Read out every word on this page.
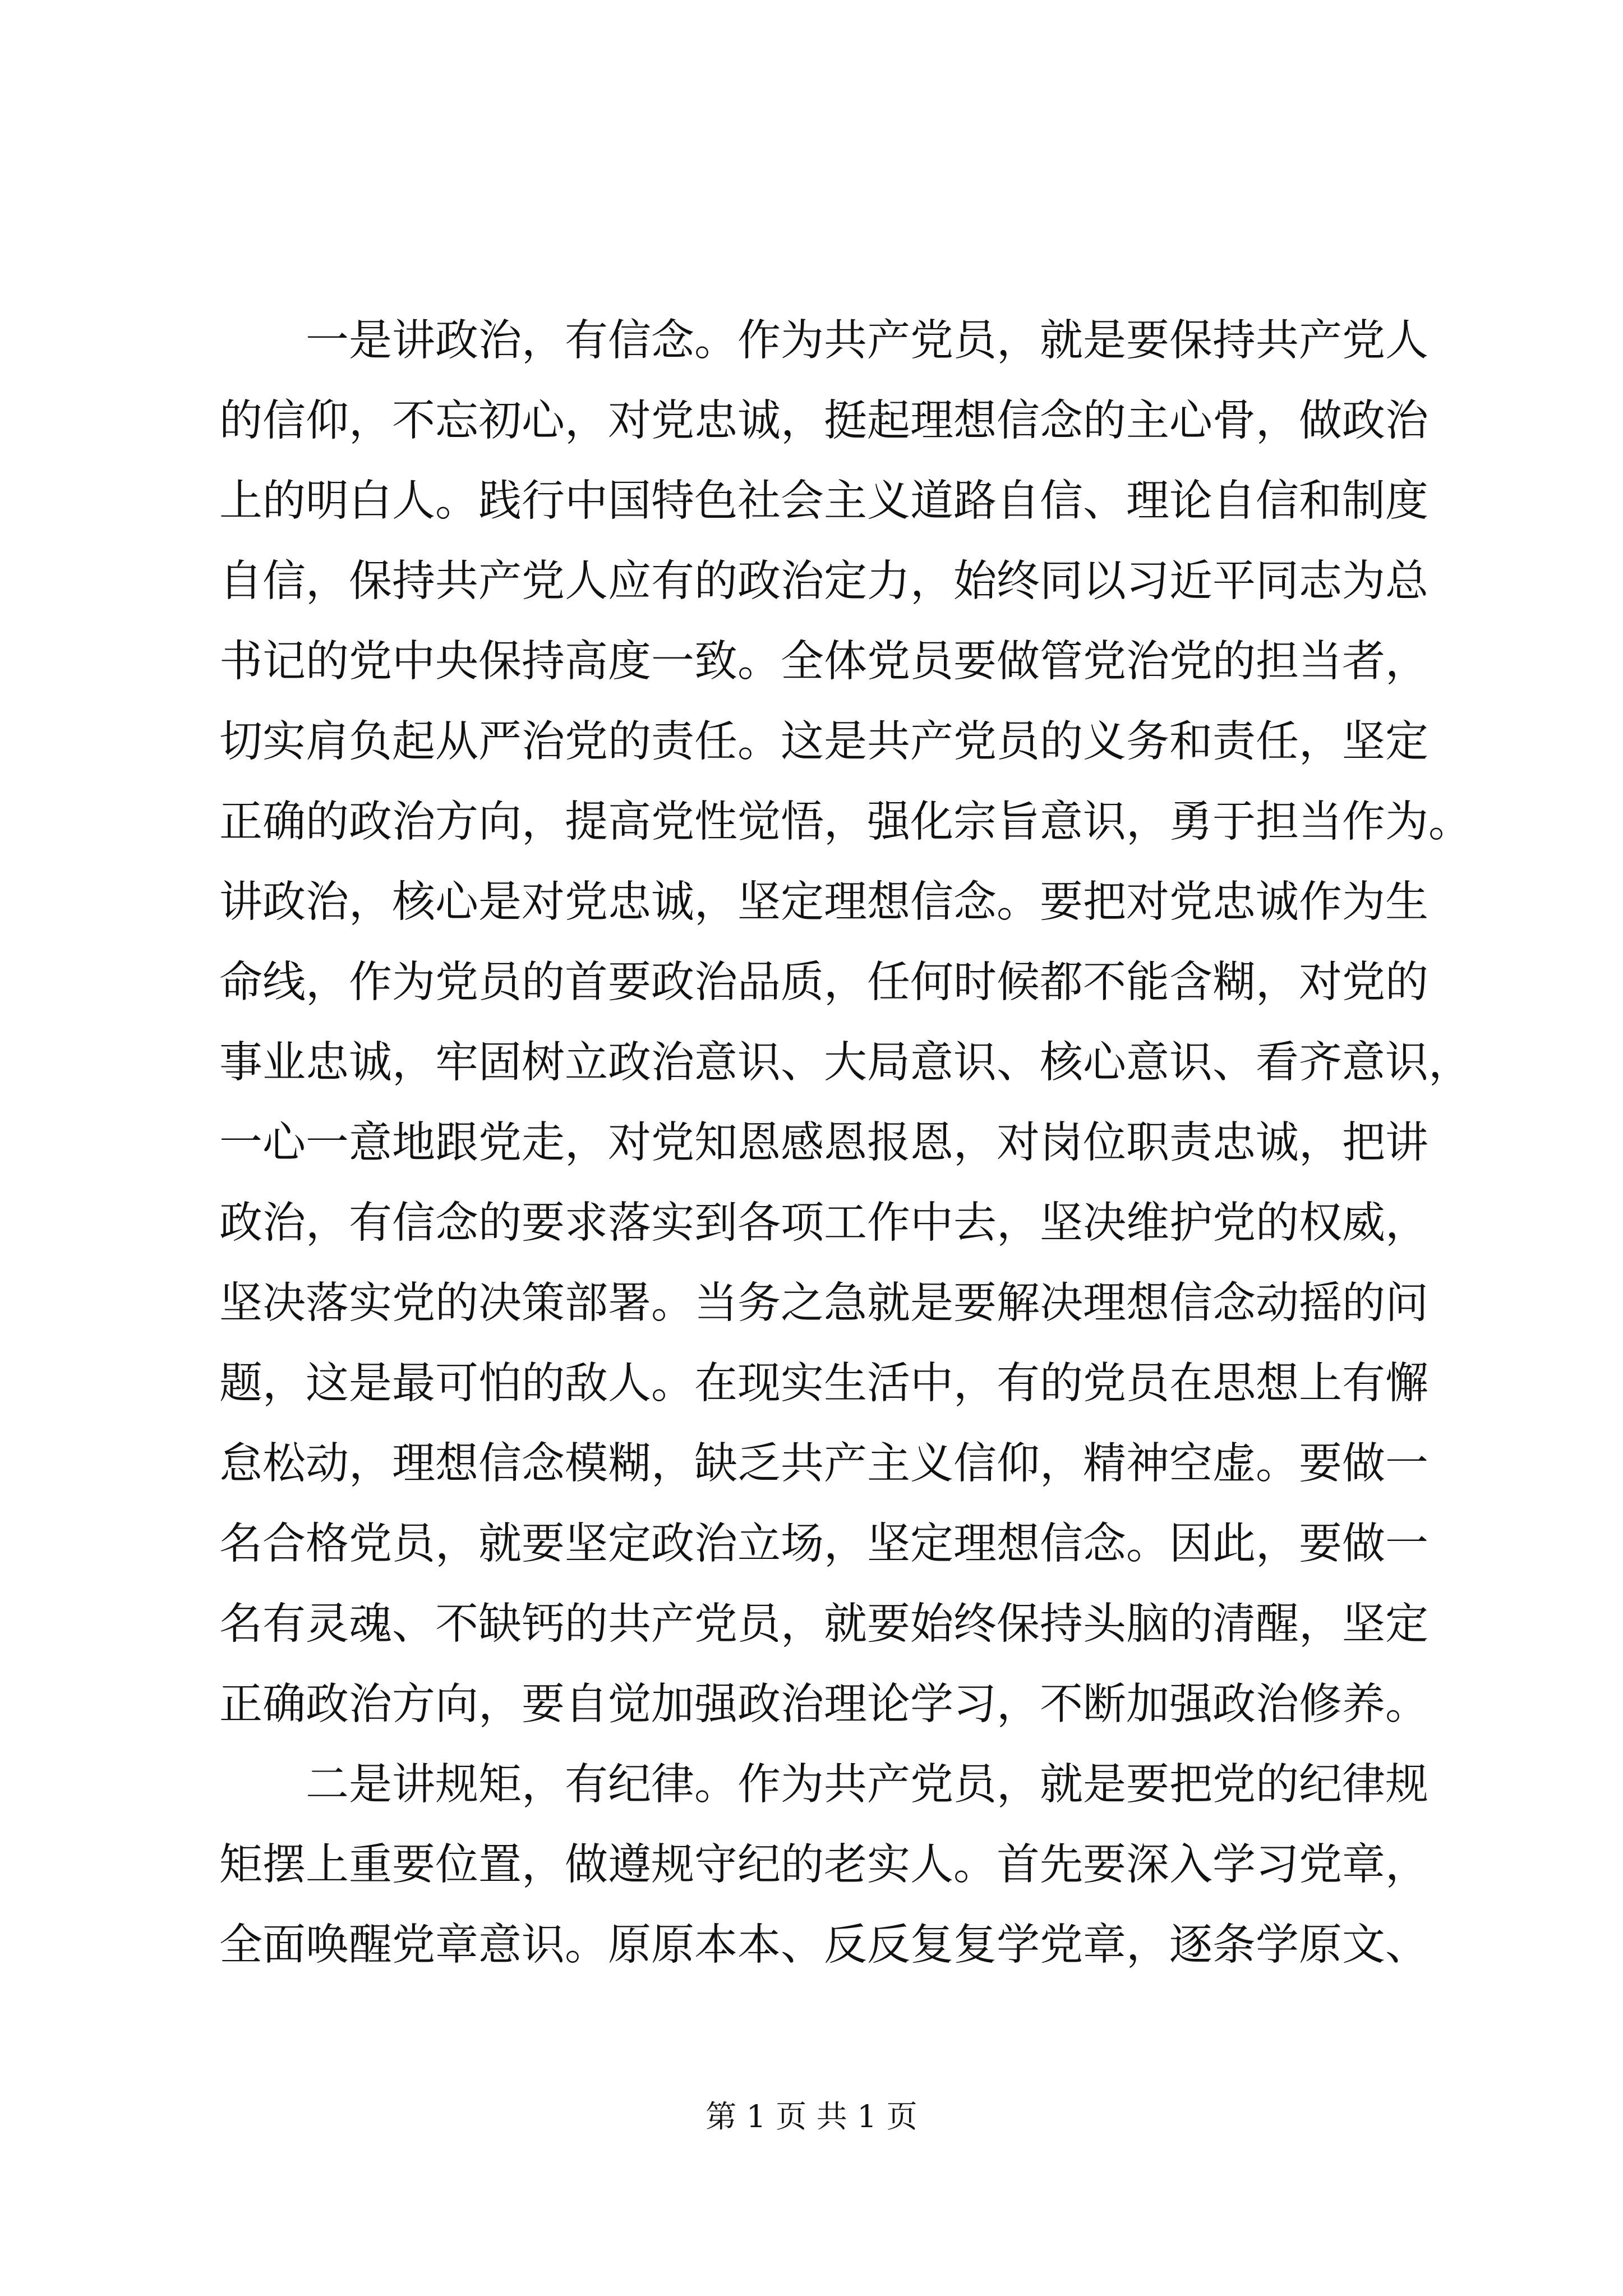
　　一是讲政治，有信念。作为共产党员，就是要保持共产党人
的信仰，不忘初心，对党忠诚，挺起理想信念的主心骨，做政治
上的明白人。践行中国特色社会主义道路自信、理论自信和制度
自信，保持共产党人应有的政治定力，始终同以习近平同志为总
书记的党中央保持高度一致。全体党员要做管党治党的担当者，
切实肩负起从严治党的责任。这是共产党员的义务和责任，坚定
正确的政治方向，提高党性觉悟，强化宗旨意识，勇于担当作为。
讲政治，核心是对党忠诚，坚定理想信念。要把对党忠诚作为生
命线，作为党员的首要政治品质，任何时候都不能含糊，对党的
事业忠诚，牢固树立政治意识、大局意识、核心意识、看齐意识，
一心一意地跟党走，对党知恩感恩报恩，对岗位职责忠诚，把讲
政治，有信念的要求落实到各项工作中去，坚决维护党的权威，
坚决落实党的决策部署。当务之急就是要解决理想信念动摇的问
题，这是最可怕的敌人。在现实生活中，有的党员在思想上有懈
怠松动，理想信念模糊，缺乏共产主义信仰，精神空虚。要做一
名合格党员，就要坚定政治立场，坚定理想信念。因此，要做一
名有灵魂、不缺钙的共产党员，就要始终保持头脑的清醒，坚定
正确政治方向，要自觉加强政治理论学习，不断加强政治修养。
　　二是讲规矩，有纪律。作为共产党员，就是要把党的纪律规
矩摆上重要位置，做遵规守纪的老实人。首先要深入学习党章，
全面唤醒党章意识。原原本本、反反复复学党章，逐条学原文、
第 1 页 共 1 页
